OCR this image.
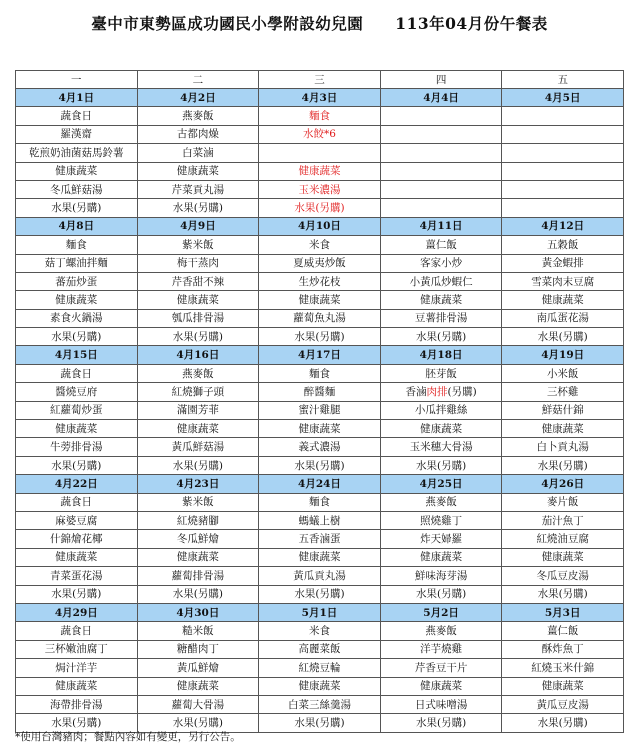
臺中市東勢區成功國民小學附設幼兒園　　113年04月份午餐表
一	二	三	四	五
4月1日	4月2日	4月3日	4月4日	4月5日
蔬食日	燕麥飯	麵食		
羅漢齋	古都肉燥	水餃*6		
乾煎奶油菌菇馬鈴薯	白菜滷			
健康蔬菜	健康蔬菜	健康蔬菜		
冬瓜鮮菇湯	芹菜貢丸湯	玉米濃湯		
水果(另購)	水果(另購)	水果(另購)		
4月8日	4月9日	4月10日	4月11日	4月12日
麵食	紫米飯	米食	薑仁飯	五穀飯
菇丁螺油拌麵	梅干蒸肉	夏威夷炒飯	客家小炒	黃金蝦排
蕃茄炒蛋	芹香甜不辣	生炒花枝	小黃瓜炒蝦仁	雪菜肉末豆腐
健康蔬菜	健康蔬菜	健康蔬菜	健康蔬菜	健康蔬菜
素食火鍋湯	瓠瓜排骨湯	蘿蔔魚丸湯	豆薯排骨湯	南瓜蛋花湯
水果(另購)	水果(另購)	水果(另購)	水果(另購)	水果(另購)
4月15日	4月16日	4月17日	4月18日	4月19日
蔬食日	燕麥飯	麵食	胚芽飯	小米飯
醬燒豆府	紅燒獅子頭	醉醬麵	香滷肉排(另購)	三杯雞
紅蘿蔔炒蛋	滿園芳菲	蜜汁雞腿	小瓜拌雞絲	鮮菇什錦
健康蔬菜	健康蔬菜	健康蔬菜	健康蔬菜	健康蔬菜
牛蒡排骨湯	黃瓜鮮菇湯	義式濃湯	玉米穗大骨湯	白卜貢丸湯
水果(另購)	水果(另購)	水果(另購)	水果(另購)	水果(另購)
4月22日	4月23日	4月24日	4月25日	4月26日
蔬食日	紫米飯	麵食	燕麥飯	麥片飯
麻婆豆腐	紅燒豬腳	螞蟻上樹	照燒雞丁	茄汁魚丁
什錦燴花椰	冬瓜鮮燴	五香滷蛋	炸天婦羅	紅燒油豆腐
健康蔬菜	健康蔬菜	健康蔬菜	健康蔬菜	健康蔬菜
青菜蛋花湯	蘿蔔排骨湯	黃瓜貢丸湯	鮮味海芽湯	冬瓜豆皮湯
水果(另購)	水果(另購)	水果(另購)	水果(另購)	水果(另購)
4月29日	4月30日	5月1日	5月2日	5月3日
蔬食日	糙米飯	米食	燕麥飯	薑仁飯
三杯嫩油腐丁	糖醋肉丁	高麗菜飯	洋芋燒雞	酥炸魚丁
焗汁洋芋	黃瓜鮮燴	紅燒豆輪	芹香豆干片	紅燒玉米什錦
健康蔬菜	健康蔬菜	健康蔬菜	健康蔬菜	健康蔬菜
海帶排骨湯	蘿蔔大骨湯	白菜三絲羹湯	日式味噌湯	黃瓜豆皮湯
水果(另購)	水果(另購)	水果(另購)	水果(另購)	水果(另購)
*使用台灣豬肉；餐點內容如有變更，另行公告。
